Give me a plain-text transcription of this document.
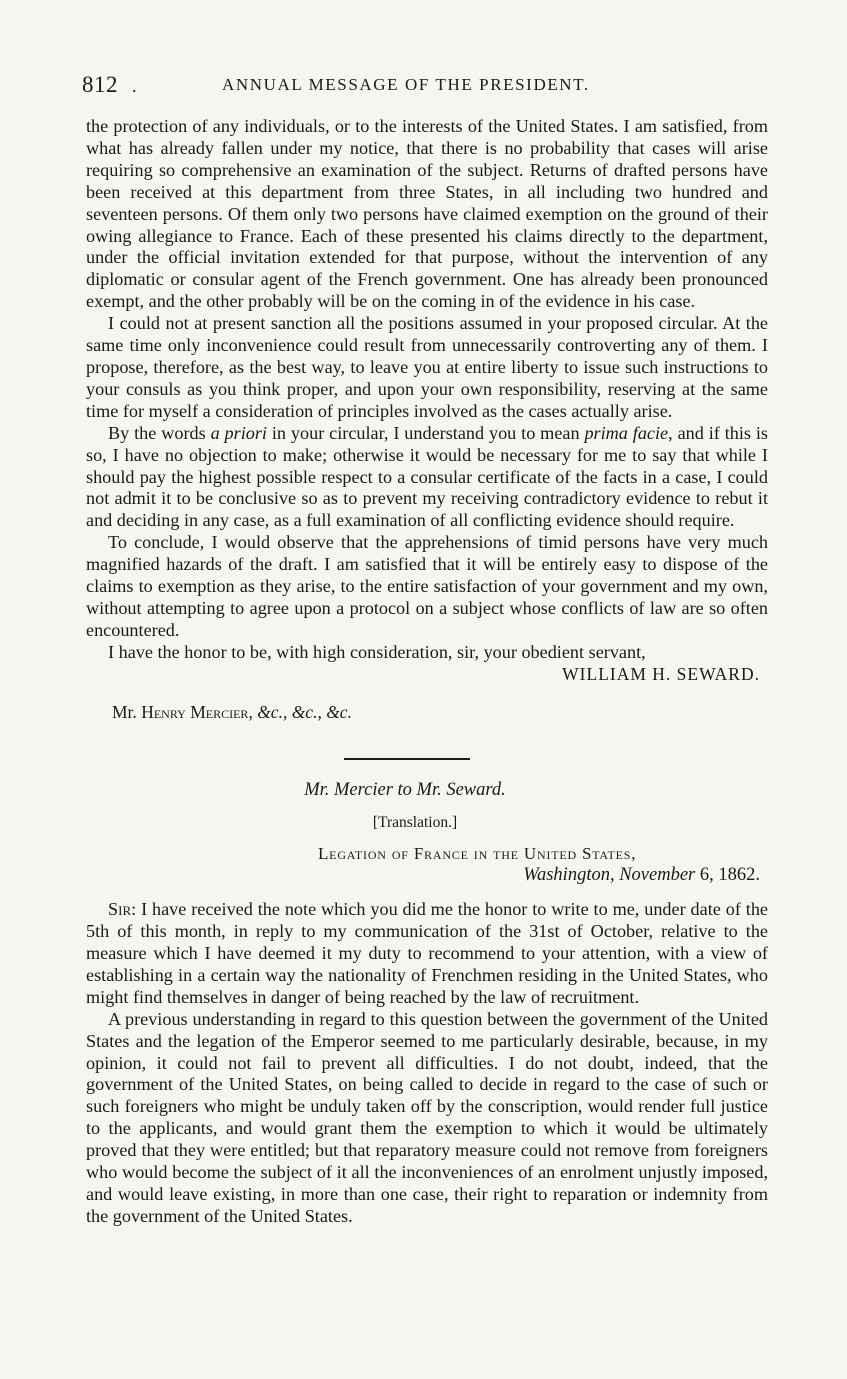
812 .	ANNUAL MESSAGE OF THE PRESIDENT.

the protection of any individuals, or to the interests of the United States. I am satisfied, from what has already fallen under my notice, that there is no probability that cases will arise requiring so comprehensive an examination of the subject. Returns of drafted persons have been received at this department from three States, in all including two hundred and seventeen persons. Of them only two persons have claimed exemption on the ground of their owing allegiance to France. Each of these presented his claims directly to the department, under the official invitation extended for that purpose, without the intervention of any diplomatic or consular agent of the French government. One has already been pronounced exempt, and the other probably will be on the coming in of the evidence in his case.

I could not at present sanction all the positions assumed in your proposed circular. At the same time only inconvenience could result from unnecessarily controverting any of them. I propose, therefore, as the best way, to leave you at entire liberty to issue such instructions to your consuls as you think proper, and upon your own responsibility, reserving at the same time for myself a consideration of principles involved as the cases actually arise.

By the words a priori in your circular, I understand you to mean prima facie, and if this is so, I have no objection to make; otherwise it would be necessary for me to say that while I should pay the highest possible respect to a consular certificate of the facts in a case, I could not admit it to be conclusive so as to prevent my receiving contradictory evidence to rebut it and deciding in any case, as a full examination of all conflicting evidence should require.

To conclude, I would observe that the apprehensions of timid persons have very much magnified hazards of the draft. I am satisfied that it will be entirely easy to dispose of the claims to exemption as they arise, to the entire satisfaction of your government and my own, without attempting to agree upon a protocol on a subject whose conflicts of law are so often encountered.

I have the honor to be, with high consideration, sir, your obedient servant,

WILLIAM H. SEWARD.
Mr. Henry Mercier, &c., &c., &c.
Mr. Mercier to Mr. Seward.
[Translation.]
Legation of France in the United States,
Washington, November 6, 1862.

Sir: I have received the note which you did me the honor to write to me, under date of the 5th of this month, in reply to my communication of the 31st of October, relative to the measure which I have deemed it my duty to recommend to your attention, with a view of establishing in a certain way the nationality of Frenchmen residing in the United States, who might find themselves in danger of being reached by the law of recruitment.

A previous understanding in regard to this question between the government of the United States and the legation of the Emperor seemed to me particularly desirable, because, in my opinion, it could not fail to prevent all difficulties. I do not doubt, indeed, that the government of the United States, on being called to decide in regard to the case of such or such foreigners who might be unduly taken off by the conscription, would render full justice to the applicants, and would grant them the exemption to which it would be ultimately proved that they were entitled; but that reparatory measure could not remove from foreigners who would become the subject of it all the inconveniences of an enrolment unjustly imposed, and would leave existing, in more than one case, their right to reparation or indemnity from the government of the United States.
